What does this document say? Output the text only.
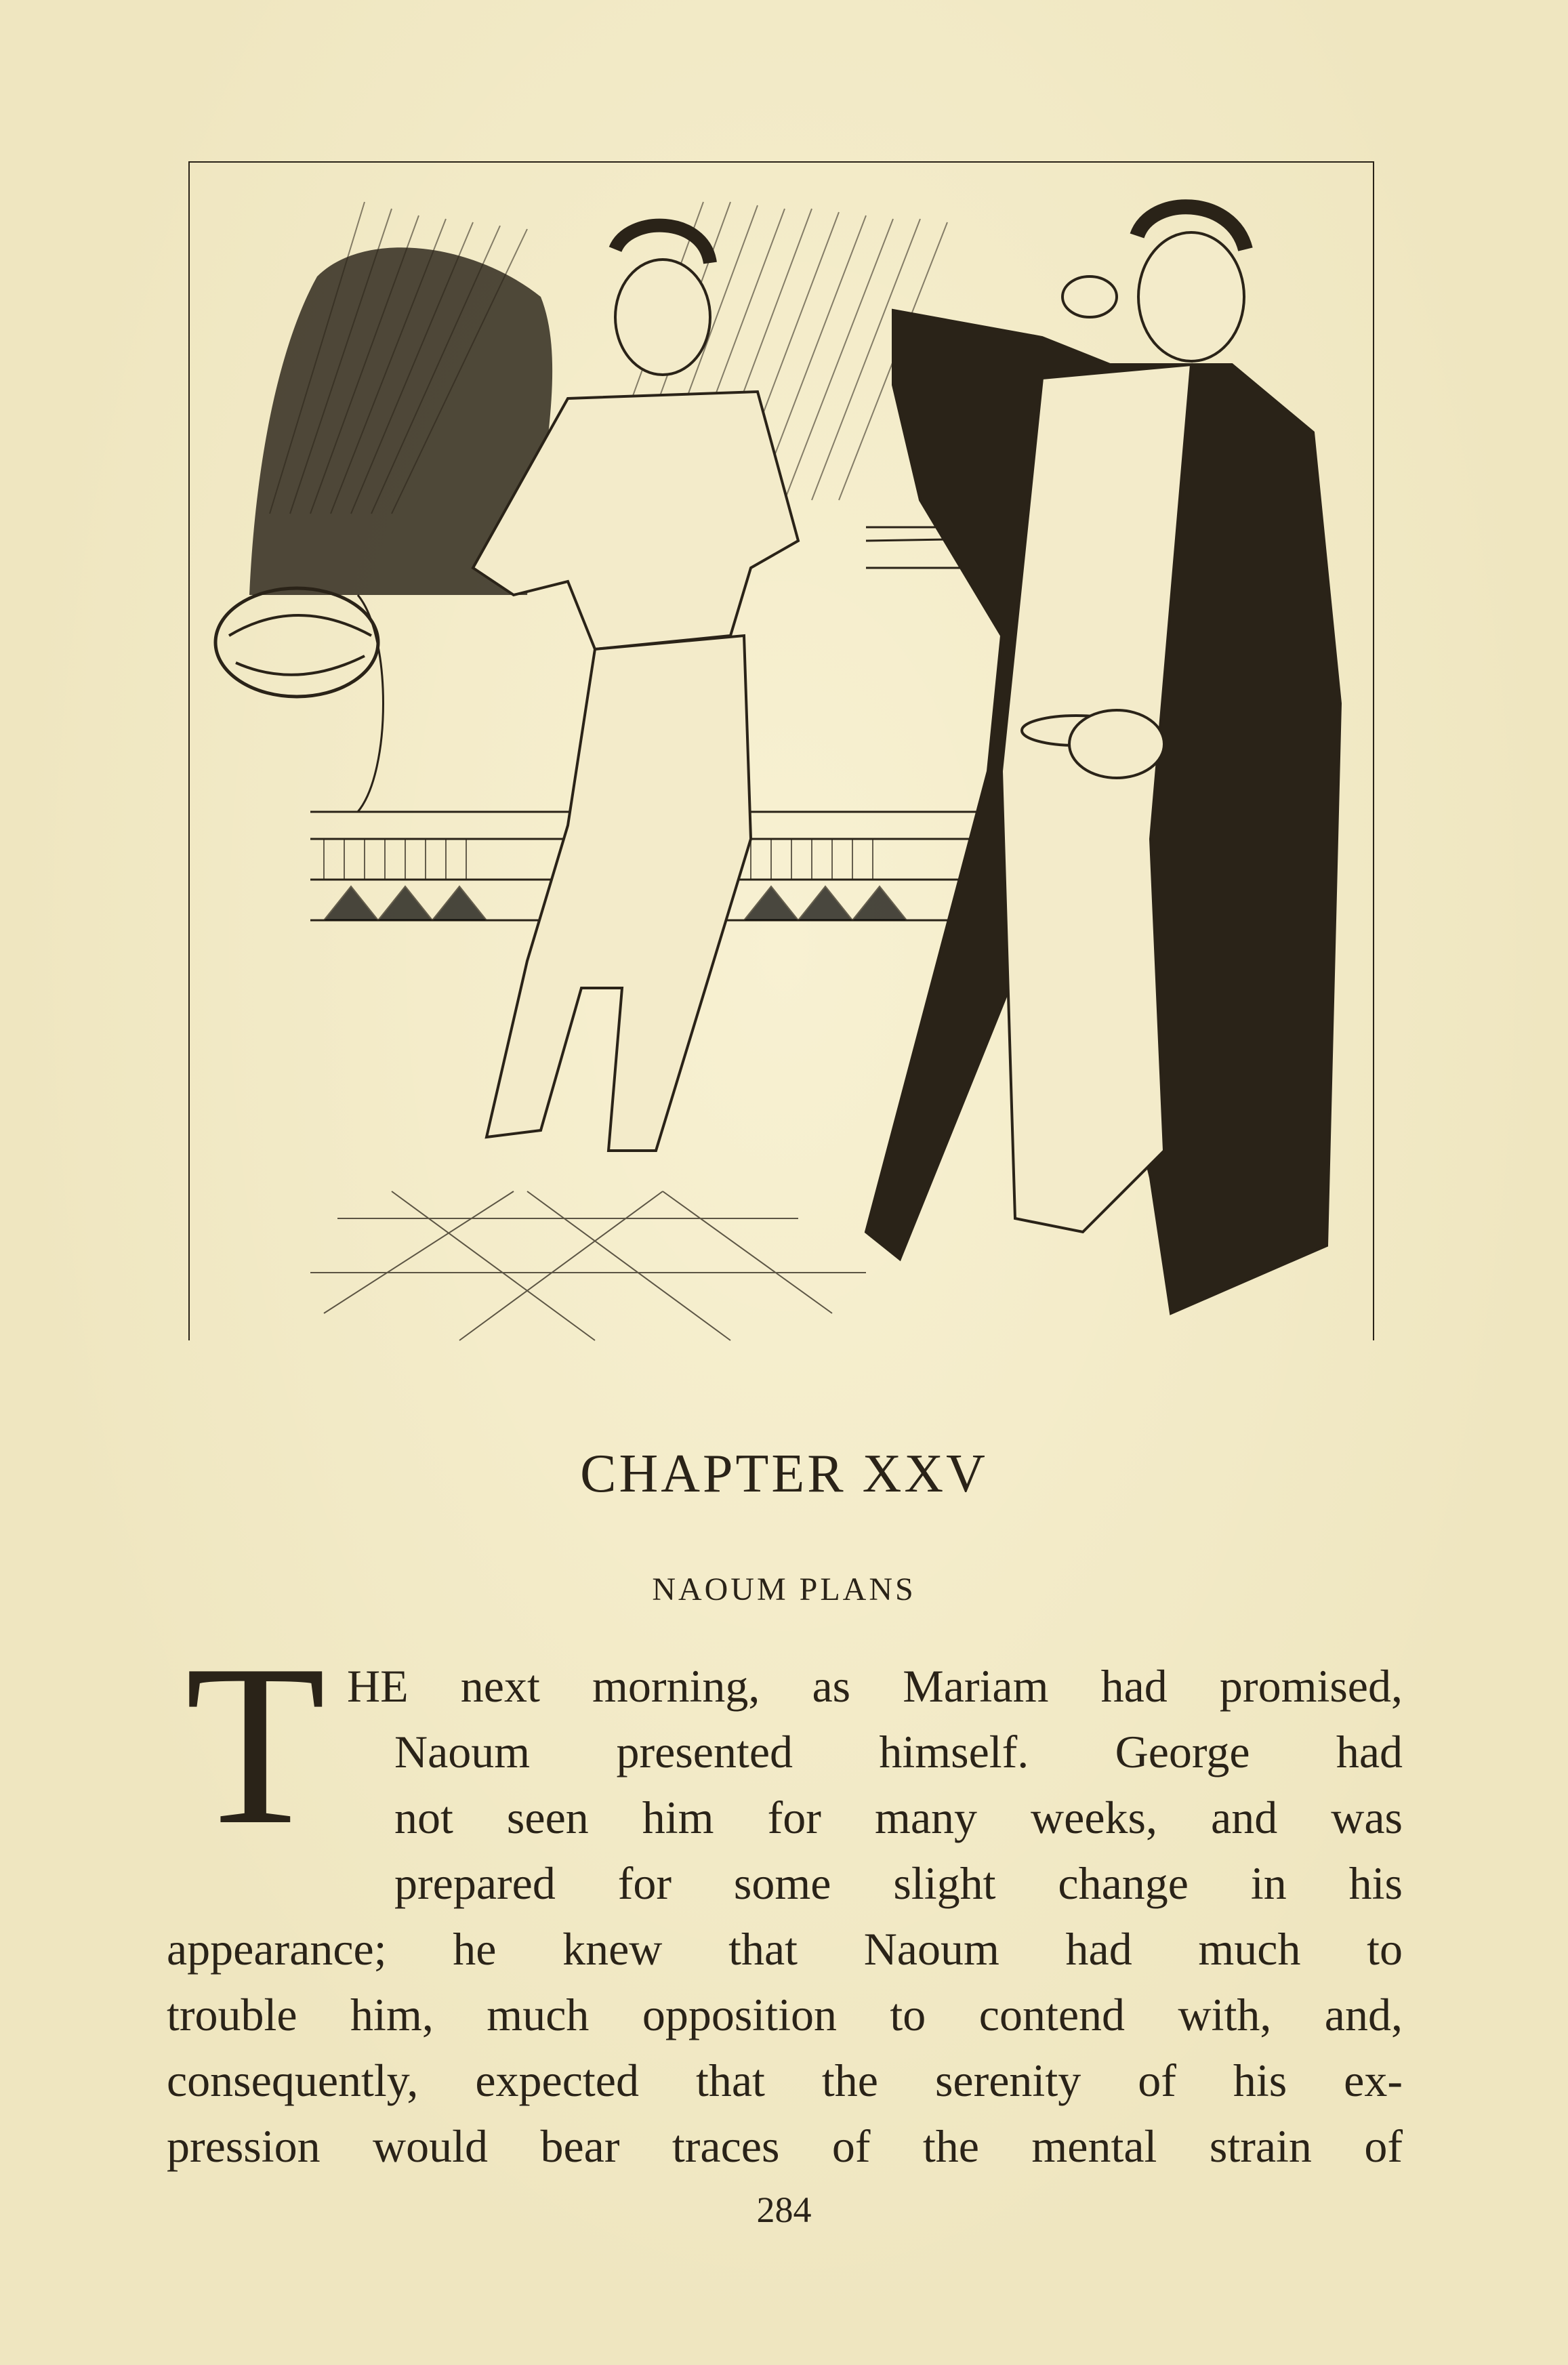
CHAPTER XXV
NAOUM PLANS
T HE next morning, as Mariam had promised,
Naoum presented himself. George had
not seen him for many weeks, and was
prepared for some slight change in his
appearance; he knew that Naoum had much to
trouble him, much opposition to contend with, and,
consequently, expected that the serenity of his ex-
pression would bear traces of the mental strain of
284
